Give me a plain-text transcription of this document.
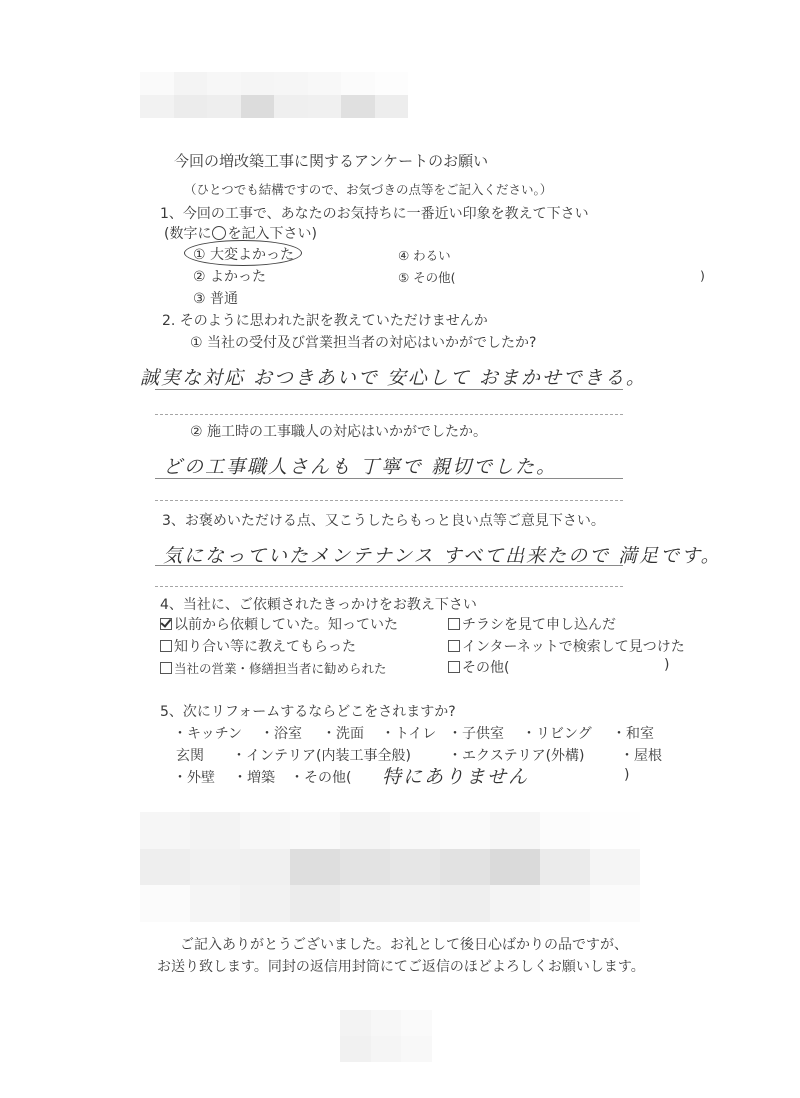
今回の増改築工事に関するアンケートのお願い
（ひとつでも結構ですので、お気づきの点等をご記入ください。）
1、今回の工事で、あなたのお気持ちに一番近い印象を教えて下さい
(数字に○を記入下さい)
① 大変よかった
② よかった
③ 普通
④ わるい
⑤ その他(	)
2. そのように思われた訳を教えていただけませんか
① 当社の受付及び営業担当者の対応はいかがでしたか?
誠実な対応 おつきあいで 安心して おまかせできる。
② 施工時の工事職人の対応はいかがでしたか。
どの工事職人さんも 丁寧で 親切でした。
3、お褒めいただける点、又こうしたらもっと良い点等ご意見下さい。
気になっていたメンテナンス すべて出来たので 満足です。
4、当社に、ご依頼されたきっかけをお教え下さい
以前から依頼していた。知っていた	チラシを見て申し込んだ
知り合い等に教えてもらった	インターネットで検索して見つけた
当社の営業・修繕担当者に勧められた	その他(	)
5、次にリフォームするならどこをされますか?
・キッチン ・浴室 ・洗面 ・トイレ ・子供室 ・リビング ・和室
玄関 ・インテリア(内装工事全般)	・エクステリア(外構)	・屋根
・外壁 ・増築 ・その他( 特にありません	)
ご記入ありがとうございました。お礼として後日心ばかりの品ですが、
お送り致します。同封の返信用封筒にてご返信のほどよろしくお願いします。
